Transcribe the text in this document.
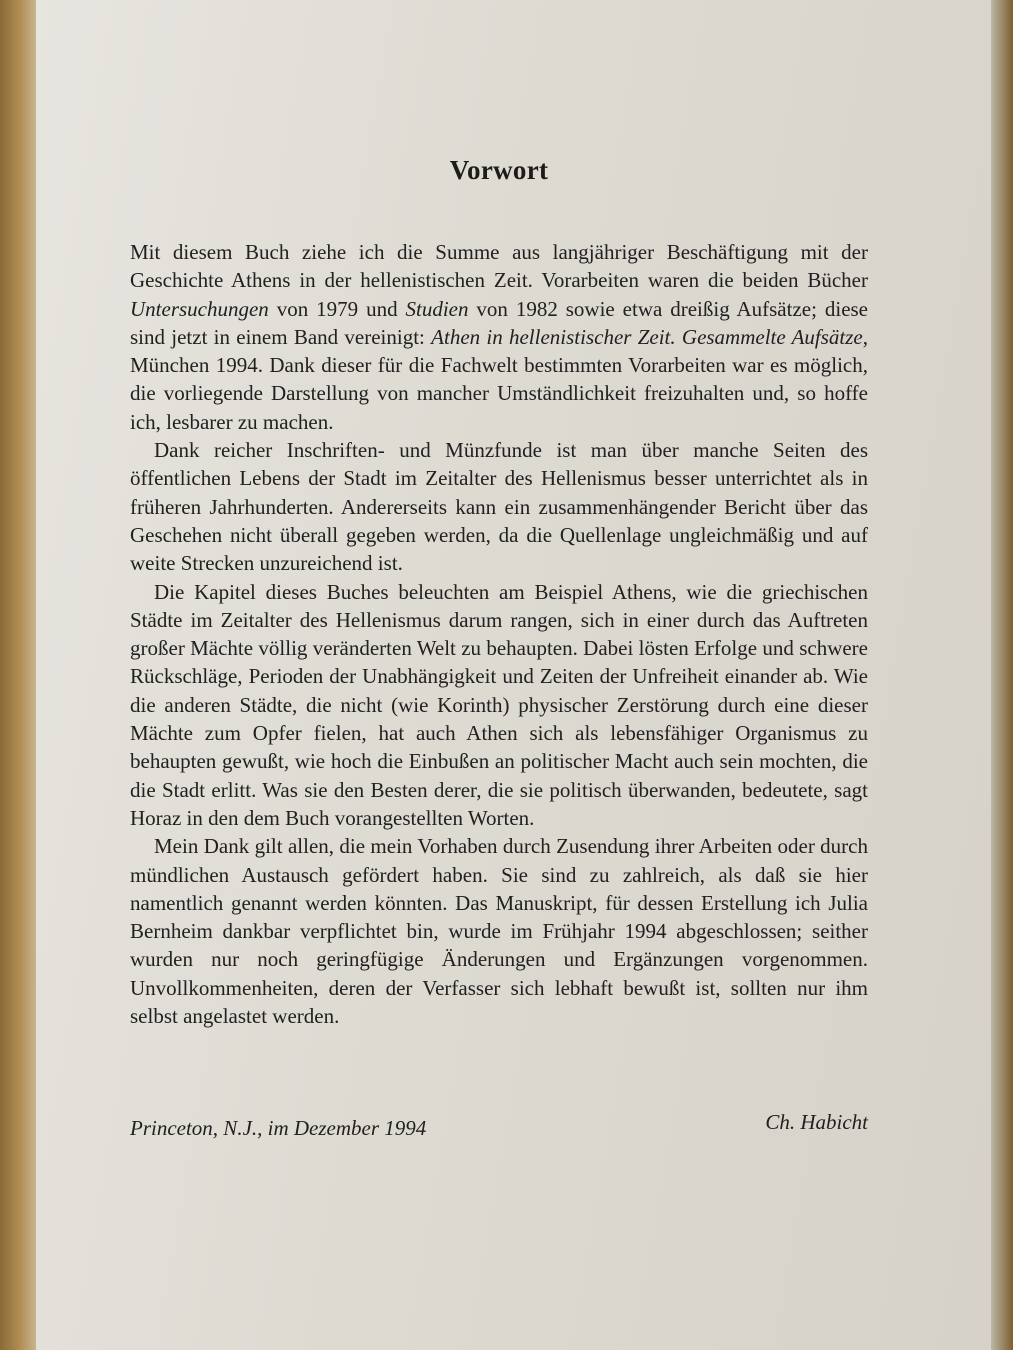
Vorwort

Mit diesem Buch ziehe ich die Summe aus langjähriger Beschäftigung mit der Geschichte Athens in der hellenistischen Zeit. Vorarbeiten waren die beiden Bücher Untersuchungen von 1979 und Studien von 1982 sowie etwa dreißig Aufsätze; diese sind jetzt in einem Band vereinigt: Athen in hellenistischer Zeit. Gesammelte Aufsätze, München 1994. Dank dieser für die Fachwelt bestimmten Vorarbeiten war es möglich, die vorliegende Darstellung von mancher Umständlichkeit freizuhalten und, so hoffe ich, lesbarer zu machen.

Dank reicher Inschriften- und Münzfunde ist man über manche Seiten des öffentlichen Lebens der Stadt im Zeitalter des Hellenismus besser unterrichtet als in früheren Jahrhunderten. Andererseits kann ein zusammenhängender Bericht über das Geschehen nicht überall gegeben werden, da die Quellenlage ungleichmäßig und auf weite Strecken unzureichend ist.

Die Kapitel dieses Buches beleuchten am Beispiel Athens, wie die griechischen Städte im Zeitalter des Hellenismus darum rangen, sich in einer durch das Auftreten großer Mächte völlig veränderten Welt zu behaupten. Dabei lösten Erfolge und schwere Rückschläge, Perioden der Unabhängigkeit und Zeiten der Unfreiheit einander ab. Wie die anderen Städte, die nicht (wie Korinth) physischer Zerstörung durch eine dieser Mächte zum Opfer fielen, hat auch Athen sich als lebensfähiger Organismus zu behaupten gewußt, wie hoch die Einbußen an politischer Macht auch sein mochten, die die Stadt erlitt. Was sie den Besten derer, die sie politisch überwanden, bedeutete, sagt Horaz in den dem Buch vorangestellten Worten.

Mein Dank gilt allen, die mein Vorhaben durch Zusendung ihrer Arbeiten oder durch mündlichen Austausch gefördert haben. Sie sind zu zahlreich, als daß sie hier namentlich genannt werden könnten. Das Manuskript, für dessen Erstellung ich Julia Bernheim dankbar verpflichtet bin, wurde im Frühjahr 1994 abgeschlossen; seither wurden nur noch geringfügige Änderungen und Ergänzungen vorgenommen. Unvollkommenheiten, deren der Verfasser sich lebhaft bewußt ist, sollten nur ihm selbst angelastet werden.

Princeton, N.J., im Dezember 1994	Ch. Habicht
